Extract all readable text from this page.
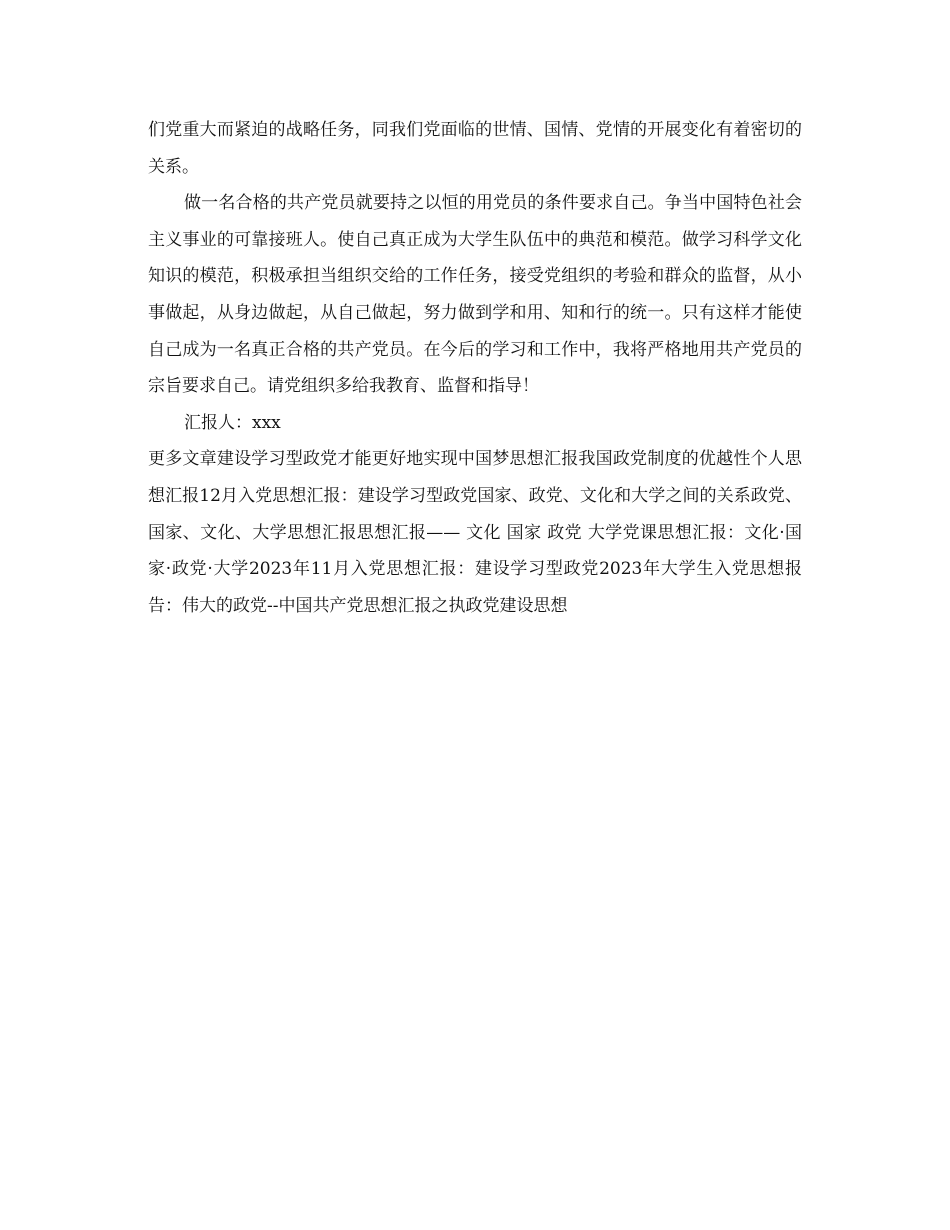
们党重大而紧迫的战略任务，同我们党面临的世情、国情、党情的开展变化有着密切的关系。

做一名合格的共产党员就要持之以恒的用党员的条件要求自己。争当中国特色社会主义事业的可靠接班人。使自己真正成为大学生队伍中的典范和模范。做学习科学文化知识的模范，积极承担当组织交给的工作任务，接受党组织的考验和群众的监督，从小事做起，从身边做起，从自己做起，努力做到学和用、知和行的统一。只有这样才能使自己成为一名真正合格的共产党员。在今后的学习和工作中，我将严格地用共产党员的宗旨要求自己。请党组织多给我教育、监督和指导！

汇报人：xxx

更多文章建设学习型政党才能更好地实现中国梦思想汇报我国政党制度的优越性个人思想汇报12月入党思想汇报：建设学习型政党国家、政党、文化和大学之间的关系政党、国家、文化、大学思想汇报思想汇报—— 文化 国家 政党 大学党课思想汇报：文化·国家·政党·大学2023年11月入党思想汇报：建设学习型政党2023年大学生入党思想报告：伟大的政党--中国共产党思想汇报之执政党建设思想
